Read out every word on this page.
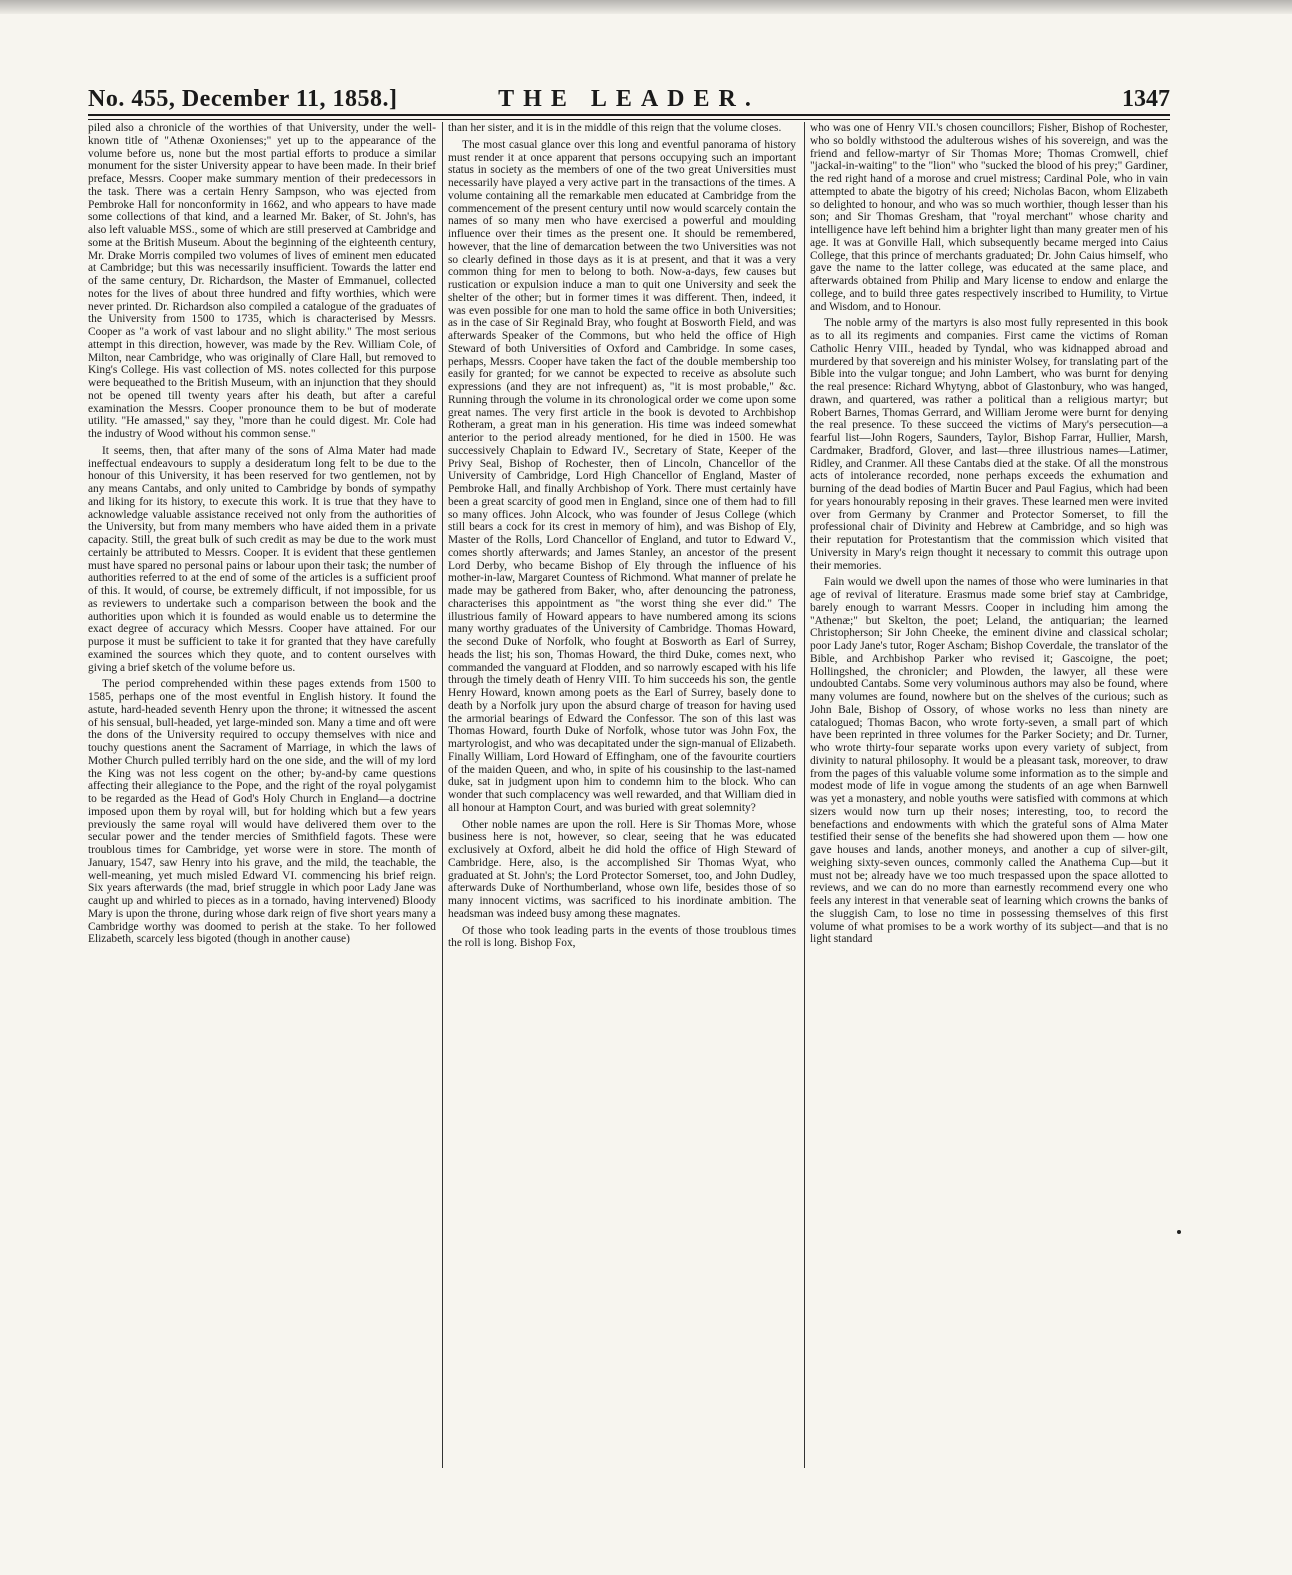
No. 455, December 11, 1858.]	THE LEADER.	1347

piled also a chronicle of the worthies of that University, under the well-known title of "Athenæ Oxonienses;" yet up to the appearance of the volume before us, none but the most partial efforts to produce a similar monument for the sister University appear to have been made. In their brief preface, Messrs. Cooper make summary mention of their predecessors in the task. There was a certain Henry Sampson, who was ejected from Pembroke Hall for nonconformity in 1662, and who appears to have made some collections of that kind, and a learned Mr. Baker, of St. John's, has also left valuable MSS., some of which are still preserved at Cambridge and some at the British Museum. About the beginning of the eighteenth century, Mr. Drake Morris compiled two volumes of lives of eminent men educated at Cambridge; but this was necessarily insufficient. Towards the latter end of the same century, Dr. Richardson, the Master of Emmanuel, collected notes for the lives of about three hundred and fifty worthies, which were never printed. Dr. Richardson also compiled a catalogue of the graduates of the University from 1500 to 1735, which is characterised by Messrs. Cooper as "a work of vast labour and no slight ability." The most serious attempt in this direction, however, was made by the Rev. William Cole, of Milton, near Cambridge, who was originally of Clare Hall, but removed to King's College. His vast collection of MS. notes collected for this purpose were bequeathed to the British Museum, with an injunction that they should not be opened till twenty years after his death, but after a careful examination the Messrs. Cooper pronounce them to be but of moderate utility. "He amassed," say they, "more than he could digest. Mr. Cole had the industry of Wood without his common sense."

It seems, then, that after many of the sons of Alma Mater had made ineffectual endeavours to supply a desideratum long felt to be due to the honour of this University, it has been reserved for two gentlemen, not by any means Cantabs, and only united to Cambridge by bonds of sympathy and liking for its history, to execute this work. It is true that they have to acknowledge valuable assistance received not only from the authorities of the University, but from many members who have aided them in a private capacity. Still, the great bulk of such credit as may be due to the work must certainly be attributed to Messrs. Cooper. It is evident that these gentlemen must have spared no personal pains or labour upon their task; the number of authorities referred to at the end of some of the articles is a sufficient proof of this. It would, of course, be extremely difficult, if not impossible, for us as reviewers to undertake such a comparison between the book and the authorities upon which it is founded as would enable us to determine the exact degree of accuracy which Messrs. Cooper have attained. For our purpose it must be sufficient to take it for granted that they have carefully examined the sources which they quote, and to content ourselves with giving a brief sketch of the volume before us.

The period comprehended within these pages extends from 1500 to 1585, perhaps one of the most eventful in English history. It found the astute, hard-headed seventh Henry upon the throne; it witnessed the ascent of his sensual, bull-headed, yet large-minded son. Many a time and oft were the dons of the University required to occupy themselves with nice and touchy questions anent the Sacrament of Marriage, in which the laws of Mother Church pulled terribly hard on the one side, and the will of my lord the King was not less cogent on the other; by-and-by came questions affecting their allegiance to the Pope, and the right of the royal polygamist to be regarded as the Head of God's Holy Church in England—a doctrine imposed upon them by royal will, but for holding which but a few years previously the same royal will would have delivered them over to the secular power and the tender mercies of Smithfield fagots. These were troublous times for Cambridge, yet worse were in store. The month of January, 1547, saw Henry into his grave, and the mild, the teachable, the well-meaning, yet much misled Edward VI. commencing his brief reign. Six years afterwards (the mad, brief struggle in which poor Lady Jane was caught up and whirled to pieces as in a tornado, having intervened) Bloody Mary is upon the throne, during whose dark reign of five short years many a Cambridge worthy was doomed to perish at the stake. To her followed Elizabeth, scarcely less bigoted (though in another cause)

than her sister, and it is in the middle of this reign that the volume closes.

The most casual glance over this long and eventful panorama of history must render it at once apparent that persons occupying such an important status in society as the members of one of the two great Universities must necessarily have played a very active part in the transactions of the times. A volume containing all the remarkable men educated at Cambridge from the commencement of the present century until now would scarcely contain the names of so many men who have exercised a powerful and moulding influence over their times as the present one. It should be remembered, however, that the line of demarcation between the two Universities was not so clearly defined in those days as it is at present, and that it was a very common thing for men to belong to both. Now-a-days, few causes but rustication or expulsion induce a man to quit one University and seek the shelter of the other; but in former times it was different. Then, indeed, it was even possible for one man to hold the same office in both Universities; as in the case of Sir Reginald Bray, who fought at Bosworth Field, and was afterwards Speaker of the Commons, but who held the office of High Steward of both Universities of Oxford and Cambridge. In some cases, perhaps, Messrs. Cooper have taken the fact of the double membership too easily for granted; for we cannot be expected to receive as absolute such expressions (and they are not infrequent) as, "it is most probable," &c. Running through the volume in its chronological order we come upon some great names. The very first article in the book is devoted to Archbishop Rotheram, a great man in his generation. His time was indeed somewhat anterior to the period already mentioned, for he died in 1500. He was successively Chaplain to Edward IV., Secretary of State, Keeper of the Privy Seal, Bishop of Rochester, then of Lincoln, Chancellor of the University of Cambridge, Lord High Chancellor of England, Master of Pembroke Hall, and finally Archbishop of York. There must certainly have been a great scarcity of good men in England, since one of them had to fill so many offices. John Alcock, who was founder of Jesus College (which still bears a cock for its crest in memory of him), and was Bishop of Ely, Master of the Rolls, Lord Chancellor of England, and tutor to Edward V., comes shortly afterwards; and James Stanley, an ancestor of the present Lord Derby, who became Bishop of Ely through the influence of his mother-in-law, Margaret Countess of Richmond. What manner of prelate he made may be gathered from Baker, who, after denouncing the patroness, characterises this appointment as "the worst thing she ever did." The illustrious family of Howard appears to have numbered among its scions many worthy graduates of the University of Cambridge. Thomas Howard, the second Duke of Norfolk, who fought at Bosworth as Earl of Surrey, heads the list; his son, Thomas Howard, the third Duke, comes next, who commanded the vanguard at Flodden, and so narrowly escaped with his life through the timely death of Henry VIII. To him succeeds his son, the gentle Henry Howard, known among poets as the Earl of Surrey, basely done to death by a Norfolk jury upon the absurd charge of treason for having used the armorial bearings of Edward the Confessor. The son of this last was Thomas Howard, fourth Duke of Norfolk, whose tutor was John Fox, the martyrologist, and who was decapitated under the sign-manual of Elizabeth. Finally William, Lord Howard of Effingham, one of the favourite courtiers of the maiden Queen, and who, in spite of his cousinship to the last-named duke, sat in judgment upon him to condemn him to the block. Who can wonder that such complacency was well rewarded, and that William died in all honour at Hampton Court, and was buried with great solemnity?

Other noble names are upon the roll. Here is Sir Thomas More, whose business here is not, however, so clear, seeing that he was educated exclusively at Oxford, albeit he did hold the office of High Steward of Cambridge. Here, also, is the accomplished Sir Thomas Wyat, who graduated at St. John's; the Lord Protector Somerset, too, and John Dudley, afterwards Duke of Northumberland, whose own life, besides those of so many innocent victims, was sacrificed to his inordinate ambition. The headsman was indeed busy among these magnates.

Of those who took leading parts in the events of those troublous times the roll is long. Bishop Fox,

who was one of Henry VII.'s chosen councillors; Fisher, Bishop of Rochester, who so boldly withstood the adulterous wishes of his sovereign, and was the friend and fellow-martyr of Sir Thomas More; Thomas Cromwell, chief "jackal-in-waiting" to the "lion" who "sucked the blood of his prey;" Gardiner, the red right hand of a morose and cruel mistress; Cardinal Pole, who in vain attempted to abate the bigotry of his creed; Nicholas Bacon, whom Elizabeth so delighted to honour, and who was so much worthier, though lesser than his son; and Sir Thomas Gresham, that "royal merchant" whose charity and intelligence have left behind him a brighter light than many greater men of his age. It was at Gonville Hall, which subsequently became merged into Caius College, that this prince of merchants graduated; Dr. John Caius himself, who gave the name to the latter college, was educated at the same place, and afterwards obtained from Philip and Mary license to endow and enlarge the college, and to build three gates respectively inscribed to Humility, to Virtue and Wisdom, and to Honour.

The noble army of the martyrs is also most fully represented in this book as to all its regiments and companies. First came the victims of Roman Catholic Henry VIII., headed by Tyndal, who was kidnapped abroad and murdered by that sovereign and his minister Wolsey, for translating part of the Bible into the vulgar tongue; and John Lambert, who was burnt for denying the real presence: Richard Whytyng, abbot of Glastonbury, who was hanged, drawn, and quartered, was rather a political than a religious martyr; but Robert Barnes, Thomas Gerrard, and William Jerome were burnt for denying the real presence. To these succeed the victims of Mary's persecution—a fearful list—John Rogers, Saunders, Taylor, Bishop Farrar, Hullier, Marsh, Cardmaker, Bradford, Glover, and last—three illustrious names—Latimer, Ridley, and Cranmer. All these Cantabs died at the stake. Of all the monstrous acts of intolerance recorded, none perhaps exceeds the exhumation and burning of the dead bodies of Martin Bucer and Paul Fagius, which had been for years honourably reposing in their graves. These learned men were invited over from Germany by Cranmer and Protector Somerset, to fill the professional chair of Divinity and Hebrew at Cambridge, and so high was their reputation for Protestantism that the commission which visited that University in Mary's reign thought it necessary to commit this outrage upon their memories.

Fain would we dwell upon the names of those who were luminaries in that age of revival of literature. Erasmus made some brief stay at Cambridge, barely enough to warrant Messrs. Cooper in including him among the "Athenæ;" but Skelton, the poet; Leland, the antiquarian; the learned Christopherson; Sir John Cheeke, the eminent divine and classical scholar; poor Lady Jane's tutor, Roger Ascham; Bishop Coverdale, the translator of the Bible, and Archbishop Parker who revised it; Gascoigne, the poet; Hollingshed, the chronicler; and Plowden, the lawyer, all these were undoubted Cantabs. Some very voluminous authors may also be found, where many volumes are found, nowhere but on the shelves of the curious; such as John Bale, Bishop of Ossory, of whose works no less than ninety are catalogued; Thomas Bacon, who wrote forty-seven, a small part of which have been reprinted in three volumes for the Parker Society; and Dr. Turner, who wrote thirty-four separate works upon every variety of subject, from divinity to natural philosophy. It would be a pleasant task, moreover, to draw from the pages of this valuable volume some information as to the simple and modest mode of life in vogue among the students of an age when Barnwell was yet a monastery, and noble youths were satisfied with commons at which sizers would now turn up their noses; interesting, too, to record the benefactions and endowments with which the grateful sons of Alma Mater testified their sense of the benefits she had showered upon them — how one gave houses and lands, another moneys, and another a cup of silver-gilt, weighing sixty-seven ounces, commonly called the Anathema Cup—but it must not be; already have we too much trespassed upon the space allotted to reviews, and we can do no more than earnestly recommend every one who feels any interest in that venerable seat of learning which crowns the banks of the sluggish Cam, to lose no time in possessing themselves of this first volume of what promises to be a work worthy of its subject—and that is no light standard
